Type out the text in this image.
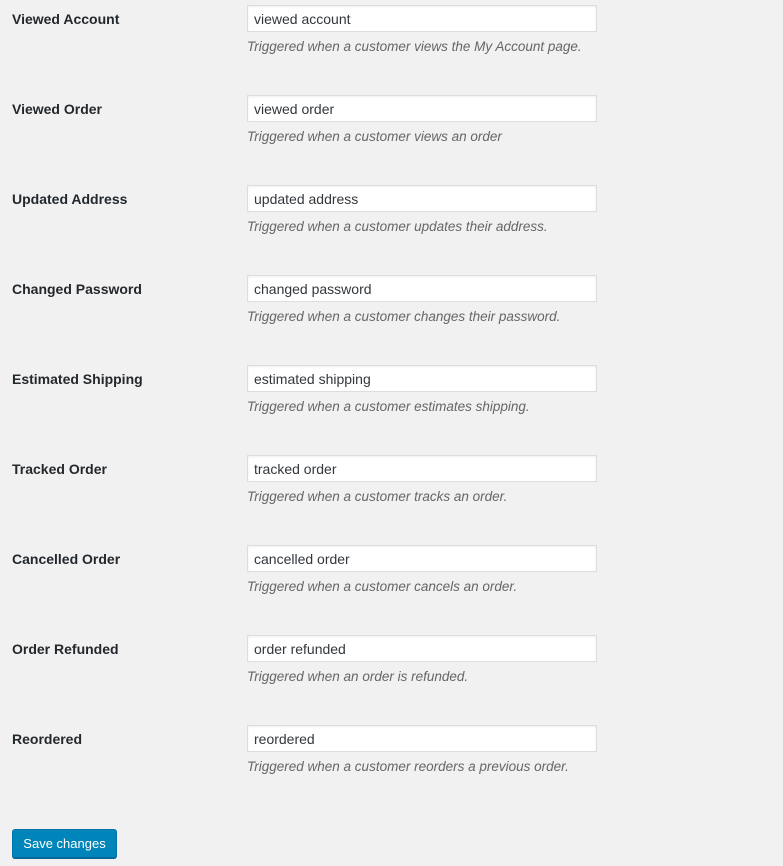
Viewed Account
viewed account
Triggered when a customer views the My Account page.
Viewed Order
viewed order
Triggered when a customer views an order
Updated Address
updated address
Triggered when a customer updates their address.
Changed Password
changed password
Triggered when a customer changes their password.
Estimated Shipping
estimated shipping
Triggered when a customer estimates shipping.
Tracked Order
tracked order
Triggered when a customer tracks an order.
Cancelled Order
cancelled order
Triggered when a customer cancels an order.
Order Refunded
order refunded
Triggered when an order is refunded.
Reordered
reordered
Triggered when a customer reorders a previous order.
Save changes
